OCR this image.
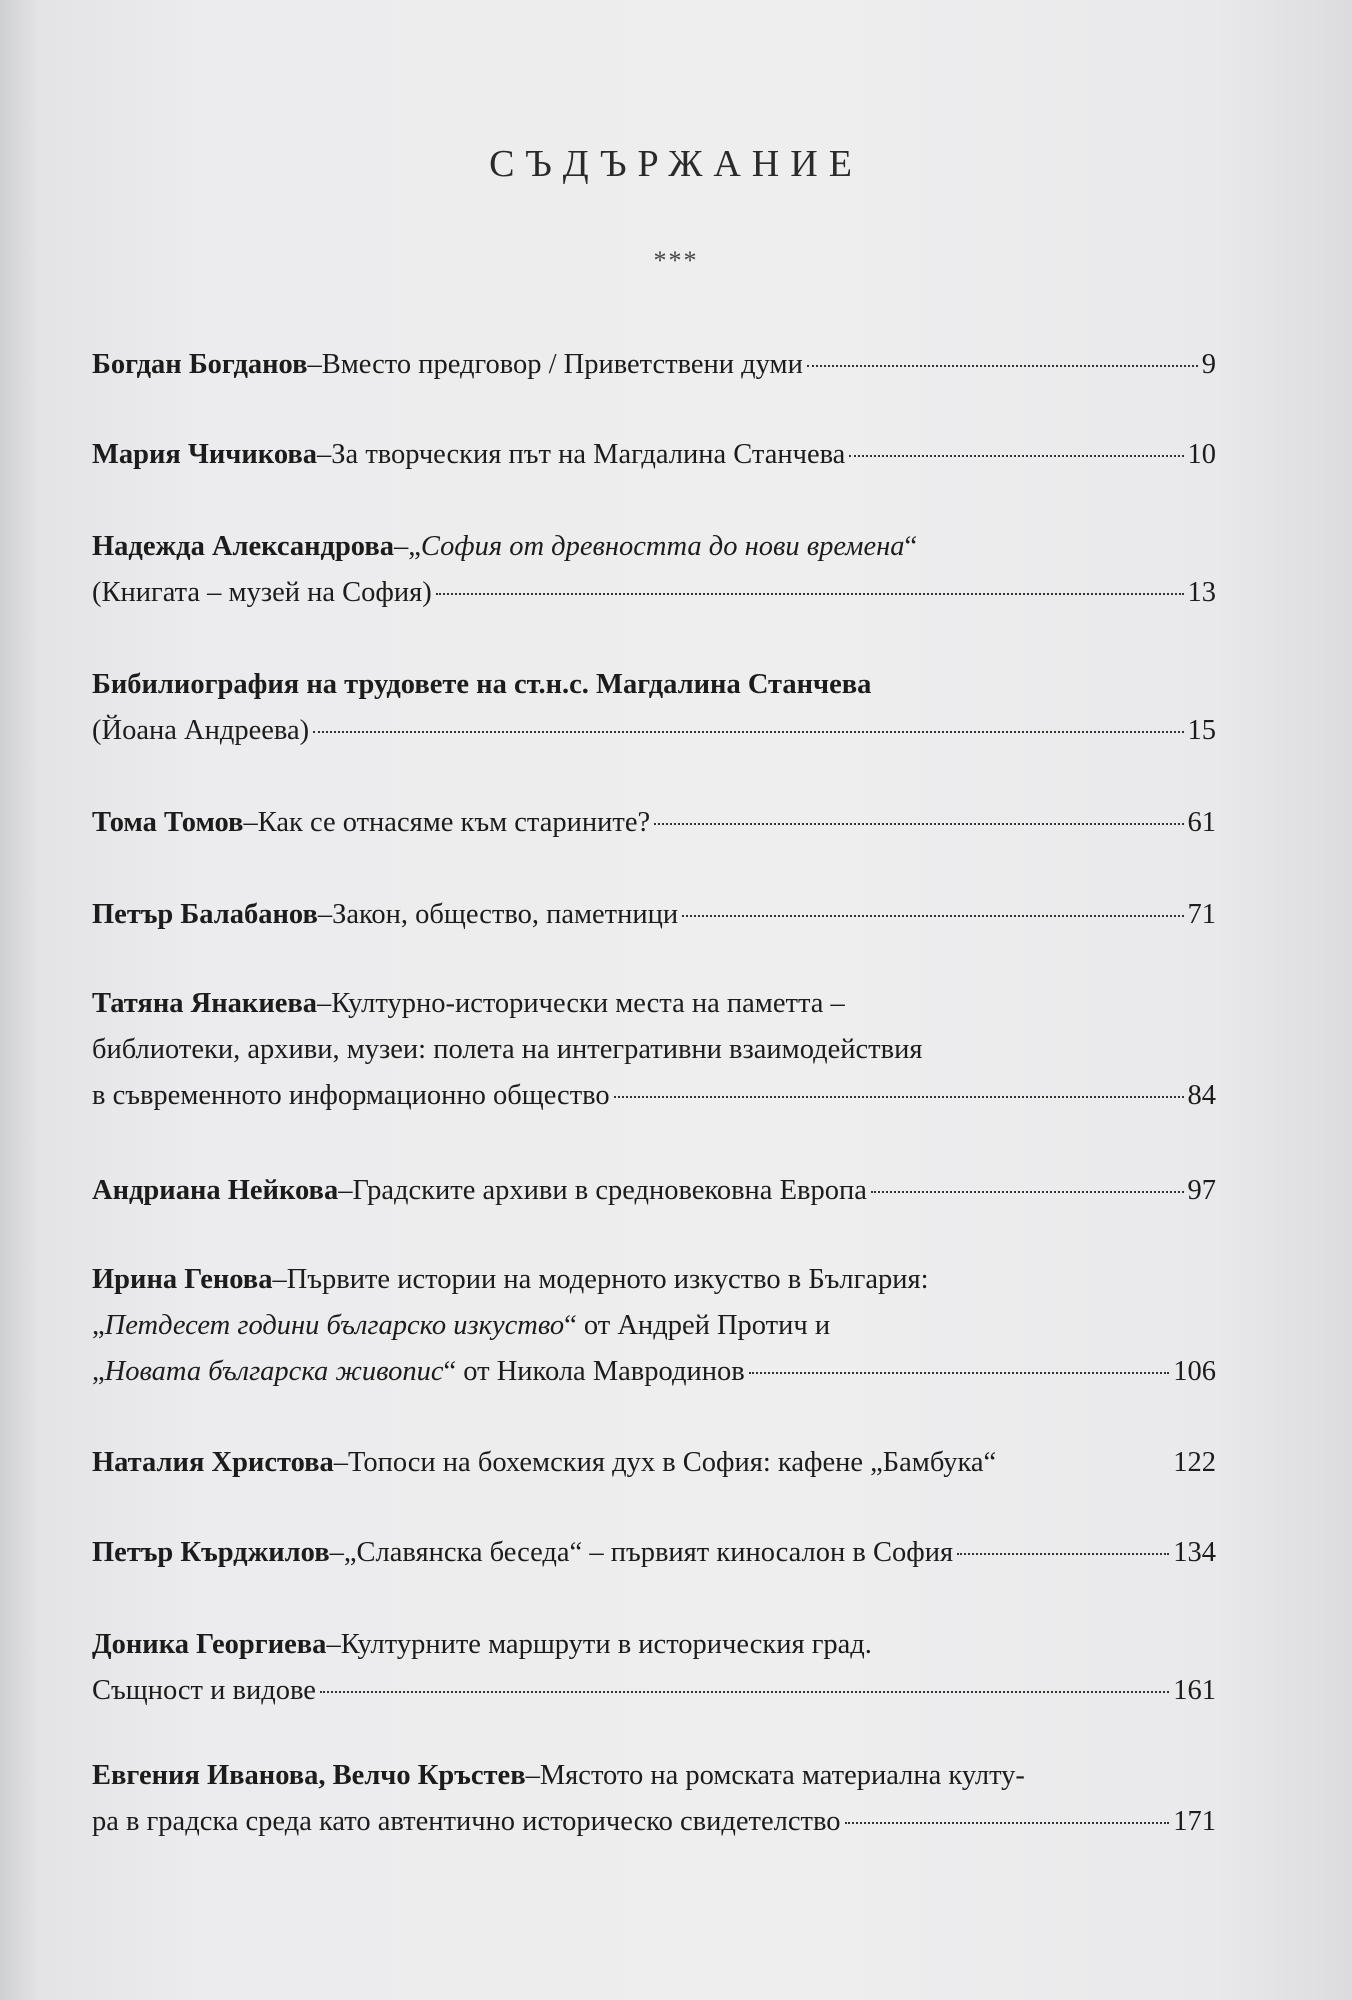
СЪДЪРЖАНИЕ
***
Богдан Богданов – Вместо предговор / Приветствени думи	9
Мария Чичикова – За творческия път на Магдалина Станчева	10
Надежда Александрова – „ София от древността до нови времена “
(Книгата – музей на София)	13
Бибилиография на трудовете на ст.н.с. Магдалина Станчева
(Йоана Андреева)	15
Тома Томов – Как се отнасяме към старините?	61
Петър Балабанов – Закон, общество, паметници	71
Татяна Янакиева – Културно-исторически места на паметта –
библиотеки, архиви, музеи: полета на интегративни взаимодействия
в съвременното информационно общество	84
Андриана Нейкова – Градските архиви в средновековна Европа	97
Ирина Генова – Първите истории на модерното изкуство в България:
„ Петдесет години българско изкуство “ от Андрей Протич и
„ Новата българска живопис “ от Никола Мавродинов	106
Наталия Христова – Топоси на бохемския дух в София: кафене „Бамбука“	122
Петър Кърджилов – „Славянска беседа“ – първият киносалон в София	134
Доника Георгиева – Културните маршрути в историческия град.
Същност и видове	161
Евгения Иванова, Велчо Кръстев – Мястото на ромската материална култу-
ра в градска среда като автентично историческо свидетелство	171
